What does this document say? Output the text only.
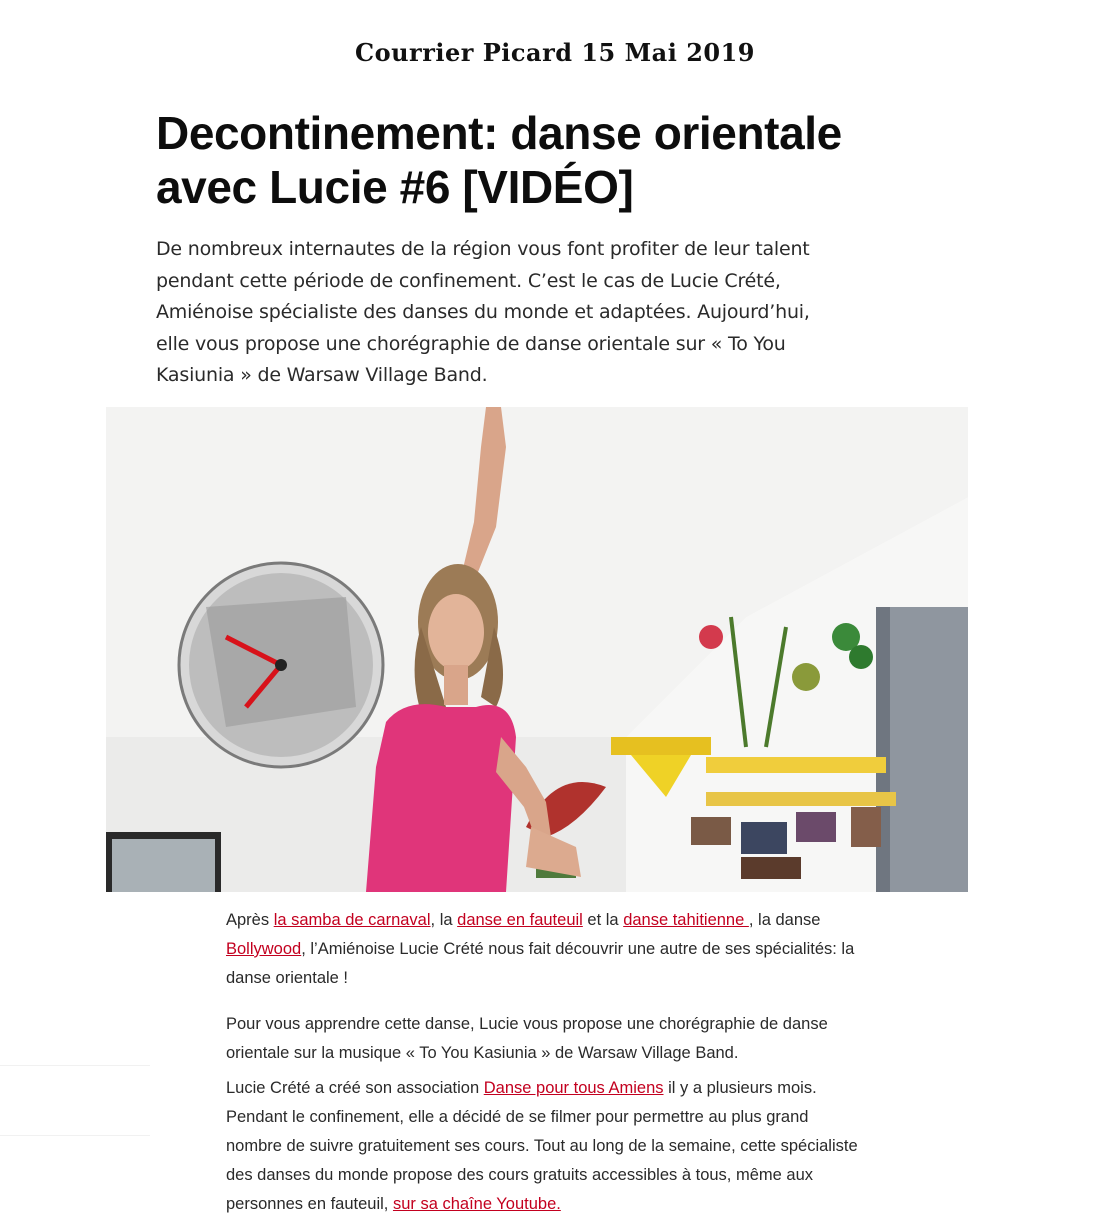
Courrier Picard 15 Mai 2019
Decontinement: danse orientale avec Lucie #6 [VIDÉO]

De nombreux internautes de la région vous font profiter de leur talent pendant cette période de confinement. C’est le cas de Lucie Crété, Amiénoise spécialiste des danses du monde et adaptées. Aujourd’hui, elle vous propose une chorégraphie de danse orientale sur « To You Kasiunia » de Warsaw Village Band.

Après la samba de carnaval, la danse en fauteuil et la danse tahitienne , la danse Bollywood, l’Amiénoise Lucie Crété nous fait découvrir une autre de ses spécialités: la danse orientale !

Pour vous apprendre cette danse, Lucie vous propose une chorégraphie de danse orientale sur la musique « To You Kasiunia » de Warsaw Village Band.

Lucie Crété a créé son association Danse pour tous Amiens il y a plusieurs mois. Pendant le confinement, elle a décidé de se filmer pour permettre au plus grand nombre de suivre gratuitement ses cours. Tout au long de la semaine, cette spécialiste des danses du monde propose des cours gratuits accessibles à tous, même aux personnes en fauteuil, sur sa chaîne Youtube.
